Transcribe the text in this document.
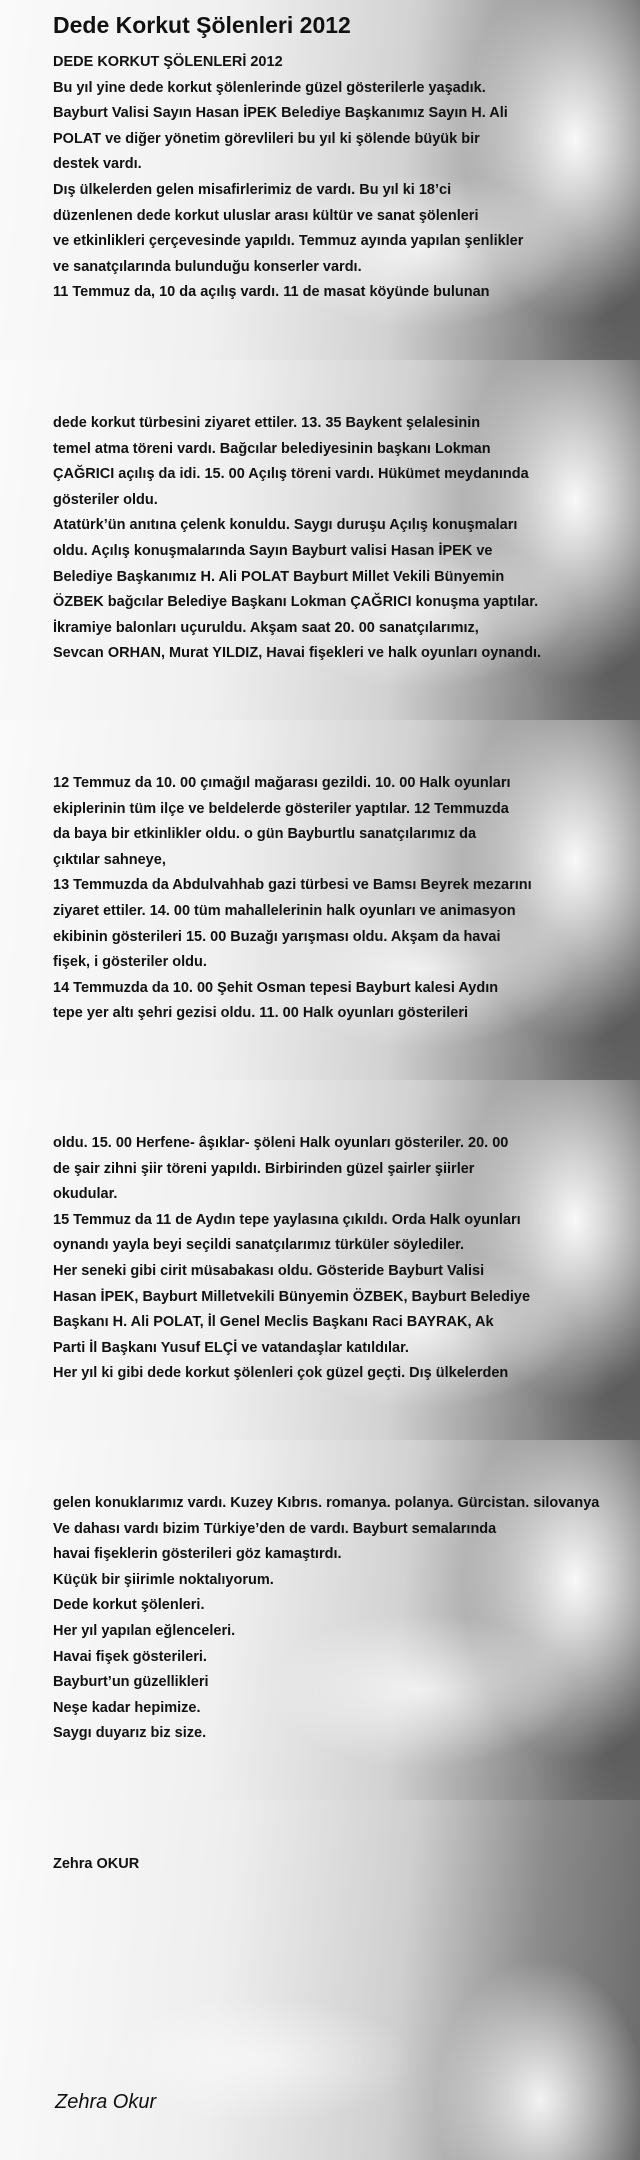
Dede Korkut Şölenleri 2012
DEDE KORKUT ŞÖLENLERİ 2012
Bu yıl yine dede korkut şölenlerinde güzel gösterilerle yaşadık.
Bayburt Valisi Sayın Hasan İPEK Belediye Başkanımız Sayın H. Ali
POLAT ve diğer yönetim görevlileri bu yıl ki şölende büyük bir
destek vardı.
Dış ülkelerden gelen misafirlerimiz de vardı. Bu yıl ki 18’ci
düzenlenen dede korkut uluslar arası kültür ve sanat şölenleri
ve etkinlikleri çerçevesinde yapıldı. Temmuz ayında yapılan şenlikler
ve sanatçılarında bulunduğu konserler vardı.
11 Temmuz da, 10 da açılış vardı. 11 de masat köyünde bulunan
dede korkut türbesini ziyaret ettiler. 13. 35 Baykent şelalesinin
temel atma töreni vardı. Bağcılar belediyesinin başkanı Lokman
ÇAĞRICI açılış da idi. 15. 00 Açılış töreni vardı. Hükümet meydanında
gösteriler oldu.
Atatürk’ün anıtına çelenk konuldu. Saygı duruşu Açılış konuşmaları
oldu. Açılış konuşmalarında Sayın Bayburt valisi Hasan İPEK ve
Belediye Başkanımız H. Ali POLAT Bayburt Millet Vekili Bünyemin
ÖZBEK bağcılar Belediye Başkanı Lokman ÇAĞRICI konuşma yaptılar.
İkramiye balonları uçuruldu. Akşam saat 20. 00 sanatçılarımız,
Sevcan ORHAN, Murat YILDIZ, Havai fişekleri ve halk oyunları oynandı.
12 Temmuz da 10. 00 çımağıl mağarası gezildi. 10. 00 Halk oyunları
ekiplerinin tüm ilçe ve beldelerde gösteriler yaptılar. 12 Temmuzda
da baya bir etkinlikler oldu. o gün Bayburtlu sanatçılarımız da
çıktılar sahneye,
13 Temmuzda da Abdulvahhab gazi türbesi ve Bamsı Beyrek mezarını
ziyaret ettiler. 14. 00 tüm mahallelerinin halk oyunları ve animasyon
ekibinin gösterileri 15. 00 Buzağı yarışması oldu. Akşam da havai
fişek, i gösteriler oldu.
14 Temmuzda da 10. 00 Şehit Osman tepesi Bayburt kalesi Aydın
tepe yer altı şehri gezisi oldu. 11. 00 Halk oyunları gösterileri
oldu. 15. 00 Herfene- âşıklar- şöleni Halk oyunları gösteriler. 20. 00
de şair zihni şiir töreni yapıldı. Birbirinden güzel şairler şiirler
okudular.
15 Temmuz da 11 de Aydın tepe yaylasına çıkıldı. Orda Halk oyunları
oynandı yayla beyi seçildi sanatçılarımız türküler söylediler.
Her seneki gibi cirit müsabakası oldu. Gösteride Bayburt Valisi
Hasan İPEK, Bayburt Milletvekili Bünyemin ÖZBEK, Bayburt Belediye
Başkanı H. Ali POLAT, İl Genel Meclis Başkanı Raci BAYRAK, Ak
Parti İl Başkanı Yusuf ELÇİ ve vatandaşlar katıldılar.
Her yıl ki gibi dede korkut şölenleri çok güzel geçti. Dış ülkelerden
gelen konuklarımız vardı. Kuzey Kıbrıs. romanya. polanya. Gürcistan. silovanya
Ve dahası vardı bizim Türkiye’den de vardı. Bayburt semalarında
havai fişeklerin gösterileri göz kamaştırdı.
Küçük bir şiirimle noktalıyorum.
Dede korkut şölenleri.
Her yıl yapılan eğlenceleri.
Havai fişek gösterileri.
Bayburt’un güzellikleri
Neşe kadar hepimize.
Saygı duyarız biz size.
Zehra OKUR
Zehra Okur
